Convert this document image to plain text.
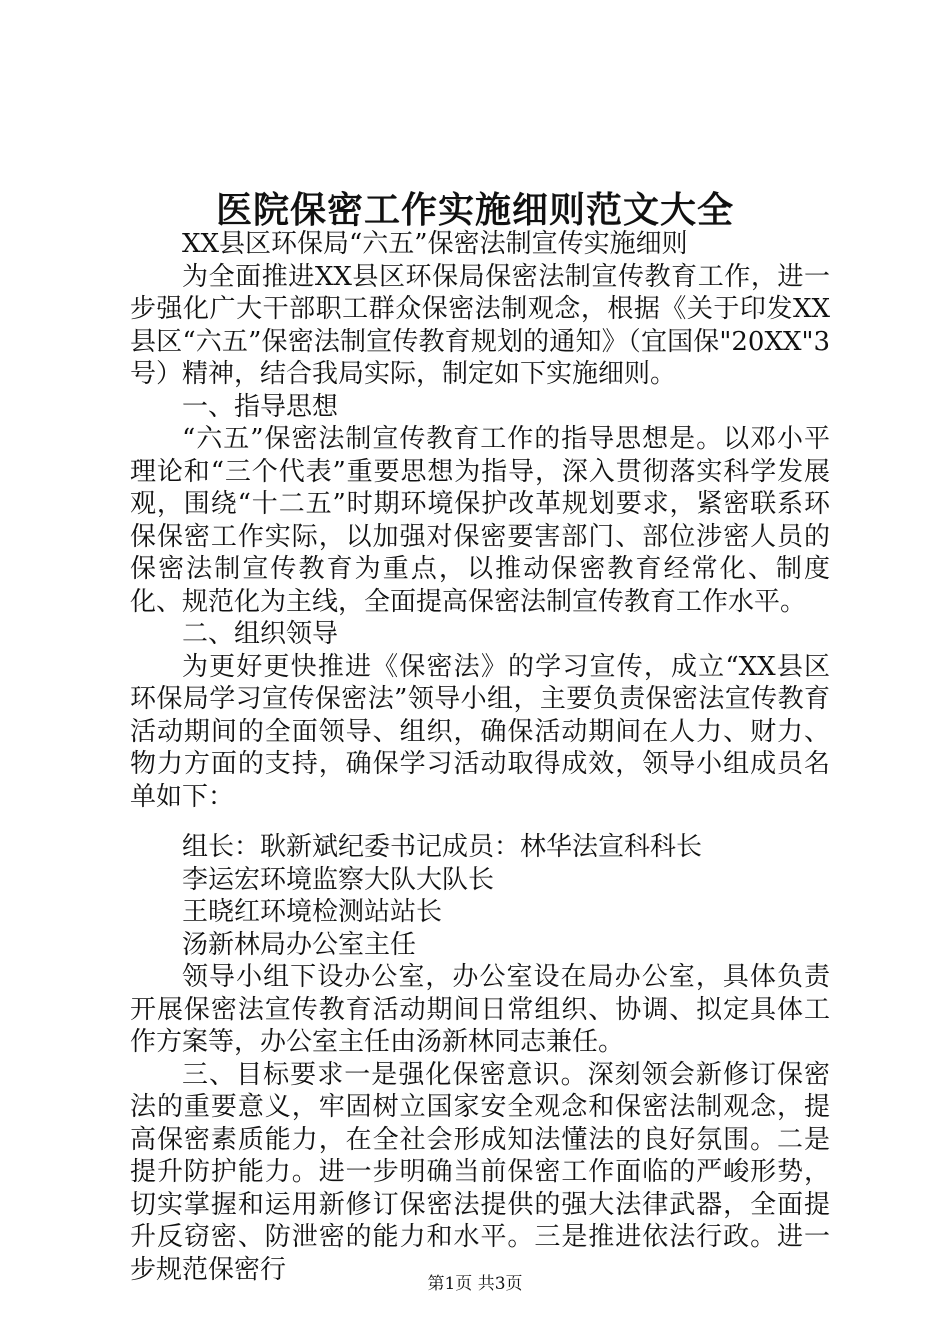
医院保密工作实施细则范文大全

XX县区环保局“六五”保密法制宣传实施细则

为全面推进XX县区环保局保密法制宣传教育工作，进一步强化广大干部职工群众保密法制观念，根据《关于印发XX县区“六五”保密法制宣传教育规划的通知》（宜国保"20XX"3号）精神，结合我局实际，制定如下实施细则。

一、指导思想

“六五”保密法制宣传教育工作的指导思想是。以邓小平理论和“三个代表”重要思想为指导，深入贯彻落实科学发展观，围绕“十二五”时期环境保护改革规划要求，紧密联系环保保密工作实际，以加强对保密要害部门、部位涉密人员的保密法制宣传教育为重点，以推动保密教育经常化、制度化、规范化为主线，全面提高保密法制宣传教育工作水平。

二、组织领导

为更好更快推进《保密法》的学习宣传，成立“XX县区环保局学习宣传保密法”领导小组，主要负责保密法宣传教育活动期间的全面领导、组织，确保活动期间在人力、财力、物力方面的支持，确保学习活动取得成效，领导小组成员名单如下：

组长：耿新斌纪委书记成员：林华法宣科科长

李运宏环境监察大队大队长

王晓红环境检测站站长

汤新林局办公室主任

领导小组下设办公室，办公室设在局办公室，具体负责开展保密法宣传教育活动期间日常组织、协调、拟定具体工作方案等，办公室主任由汤新林同志兼任。

三、目标要求一是强化保密意识。深刻领会新修订保密法的重要意义，牢固树立国家安全观念和保密法制观念，提高保密素质能力，在全社会形成知法懂法的良好氛围。二是提升防护能力。进一步明确当前保密工作面临的严峻形势，切实掌握和运用新修订保密法提供的强大法律武器，全面提升反窃密、防泄密的能力和水平。三是推进依法行政。进一步规范保密行	第1页 共3页
